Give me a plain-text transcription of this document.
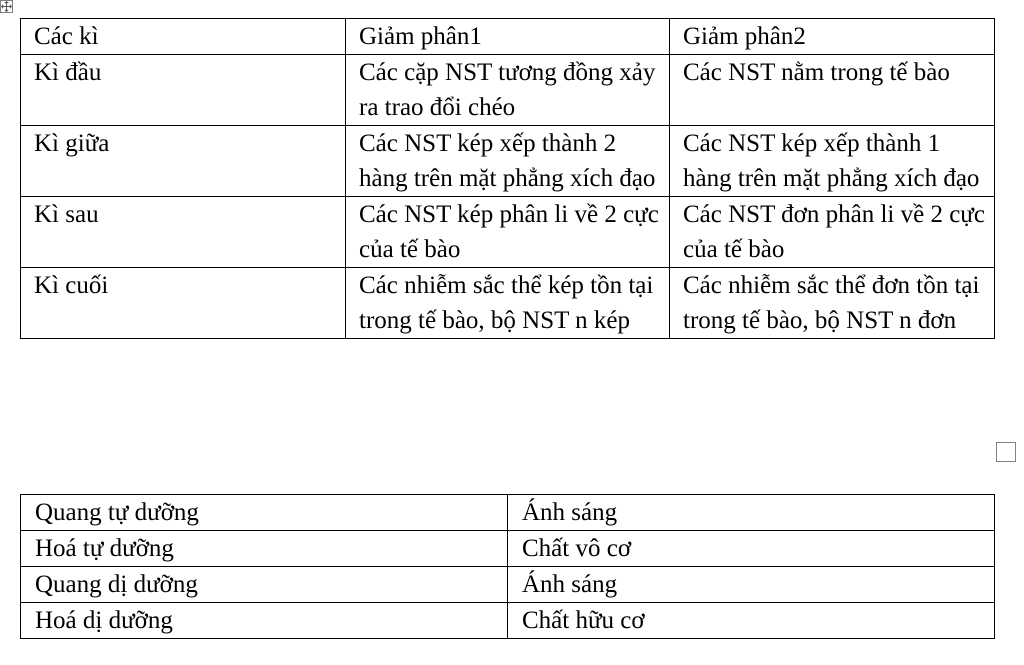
Các kì	Giảm phân1	Giảm phân2
Kì đầu	Các cặp NST tương đồng xảy ra trao đổi chéo	Các NST nằm trong tế bào
Kì giữa	Các NST kép xếp thành 2 hàng trên mặt phẳng xích đạo	Các NST kép xếp thành 1 hàng trên mặt phẳng xích đạo
Kì sau	Các NST kép phân li về 2 cực của tế bào	Các NST đơn phân li về 2 cực của tế bào
Kì cuối	Các nhiễm sắc thể kép tồn tại trong tế bào, bộ NST n kép	Các nhiễm sắc thể đơn tồn tại trong tế bào, bộ NST n đơn
Quang tự dưỡng	Ánh sáng
Hoá tự dưỡng	Chất vô cơ
Quang dị dưỡng	Ánh sáng
Hoá dị dưỡng	Chất hữu cơ
